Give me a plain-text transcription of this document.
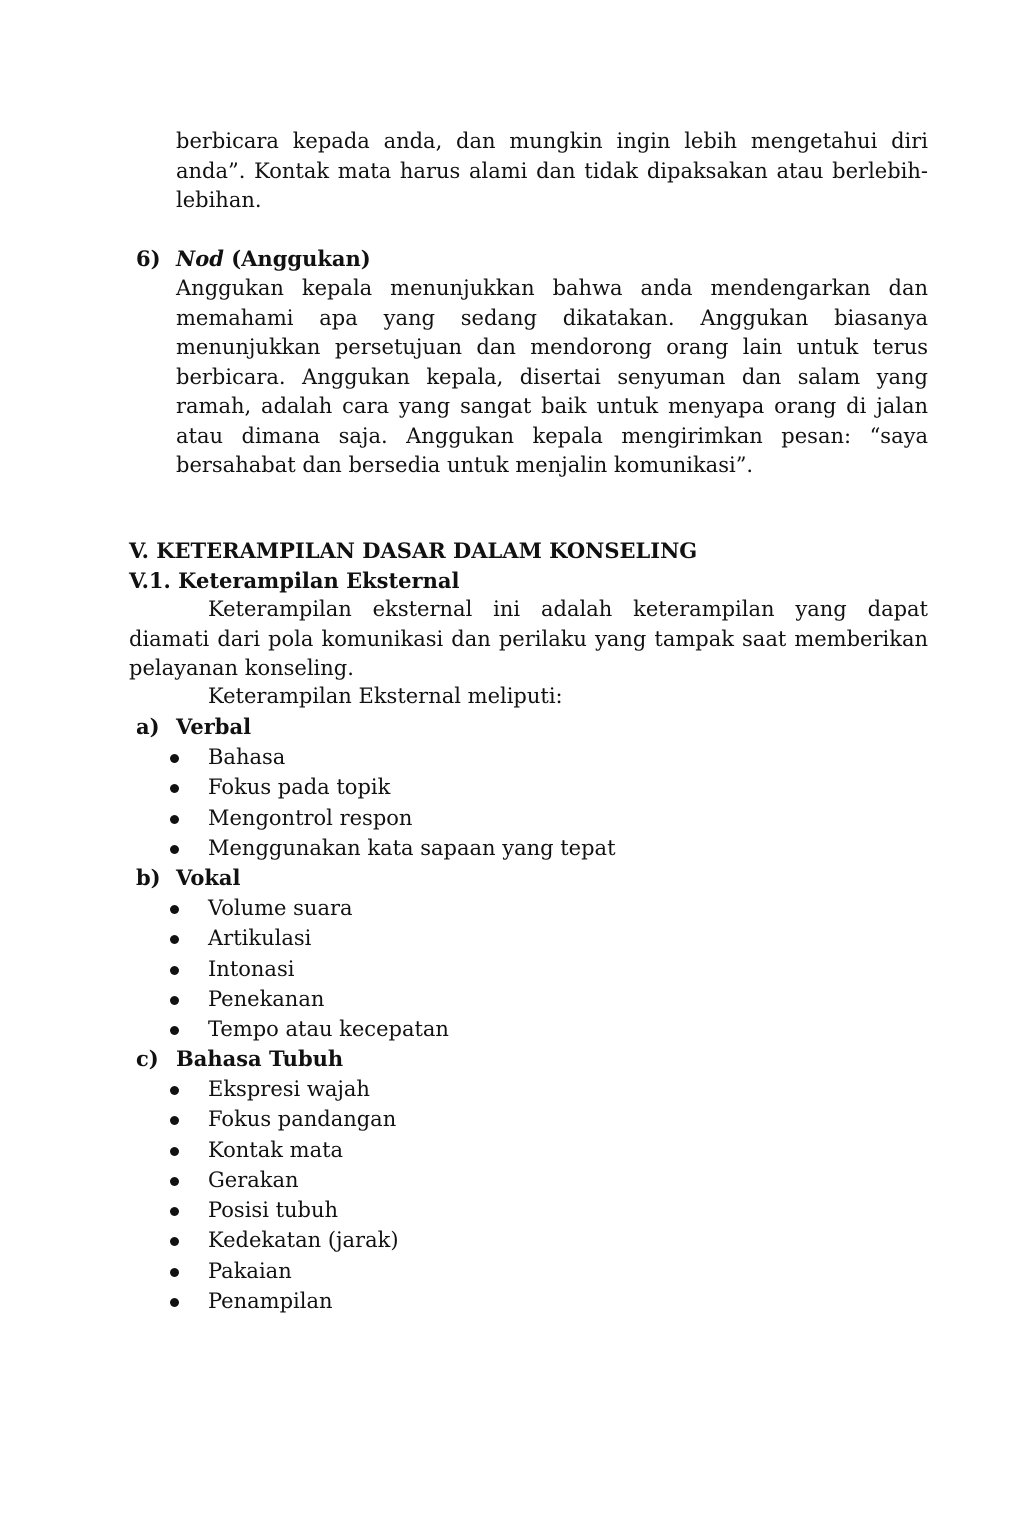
berbicara kepada anda, dan mungkin ingin lebih mengetahui diri anda”. Kontak mata harus alami dan tidak dipaksakan atau berlebih-lebihan.

6) Nod (Anggukan)

Anggukan kepala menunjukkan bahwa anda mendengarkan dan memahami apa yang sedang dikatakan. Anggukan biasanya menunjukkan persetujuan dan mendorong orang lain untuk terus berbicara. Anggukan kepala, disertai senyuman dan salam yang ramah, adalah cara yang sangat baik untuk menyapa orang di jalan atau dimana saja. Anggukan kepala mengirimkan pesan: “saya bersahabat dan bersedia untuk menjalin komunikasi”.

V. KETERAMPILAN DASAR DALAM KONSELING
V.1. Keterampilan Eksternal

Keterampilan eksternal ini adalah keterampilan yang dapat diamati dari pola komunikasi dan perilaku yang tampak saat memberikan pelayanan konseling.

Keterampilan Eksternal meliputi:
a) Verbal
Bahasa
Fokus pada topik
Mengontrol respon
Menggunakan kata sapaan yang tepat
b) Vokal
Volume suara
Artikulasi
Intonasi
Penekanan
Tempo atau kecepatan
c) Bahasa Tubuh
Ekspresi wajah
Fokus pandangan
Kontak mata
Gerakan
Posisi tubuh
Kedekatan (jarak)
Pakaian
Penampilan
